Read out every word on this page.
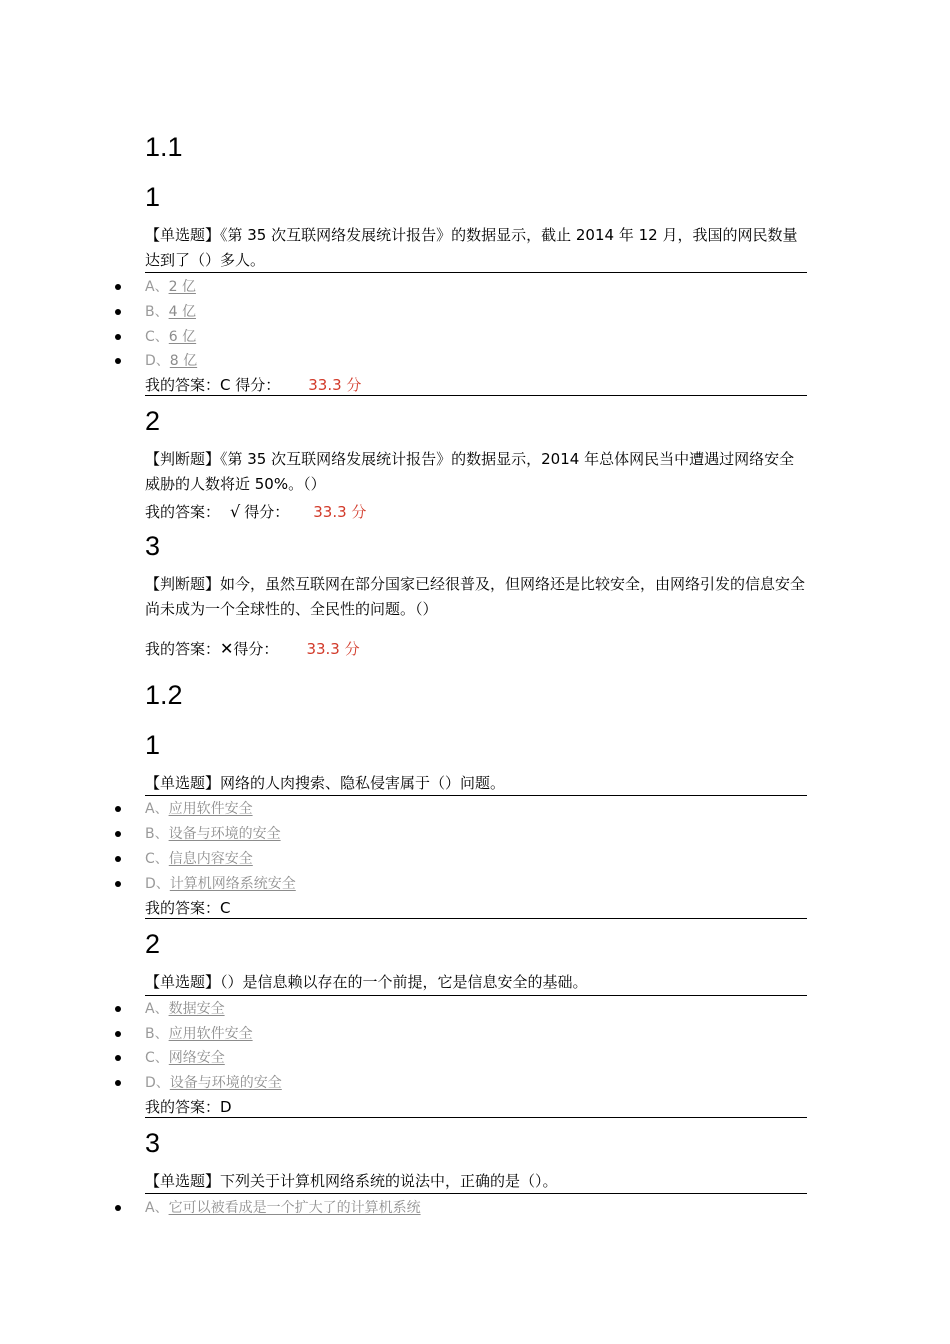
1.1
1
【单选题】《第 35 次互联网络发展统计报告》的数据显示，截止 2014 年 12 月，我国的网民数量达到了（）多人。
A、2 亿
B、4 亿
C、6 亿
D、8 亿
我的答案：C 得分： 33.3 分
2
【判断题】《第 35 次互联网络发展统计报告》的数据显示，2014 年总体网民当中遭遇过网络安全威胁的人数将近 50%。（）
我的答案： √ 得分： 33.3 分
3
【判断题】如今，虽然互联网在部分国家已经很普及，但网络还是比较安全，由网络引发的信息安全尚未成为一个全球性的、全民性的问题。（）
我的答案：✕得分： 33.3 分
1.2
1
【单选题】网络的人肉搜索、隐私侵害属于（）问题。
A、应用软件安全
B、设备与环境的安全
C、信息内容安全
D、计算机网络系统安全
我的答案：C
2
【单选题】（）是信息赖以存在的一个前提，它是信息安全的基础。
A、数据安全
B、应用软件安全
C、网络安全
D、设备与环境的安全
我的答案：D
3
【单选题】下列关于计算机网络系统的说法中，正确的是（）。
A、它可以被看成是一个扩大了的计算机系统
